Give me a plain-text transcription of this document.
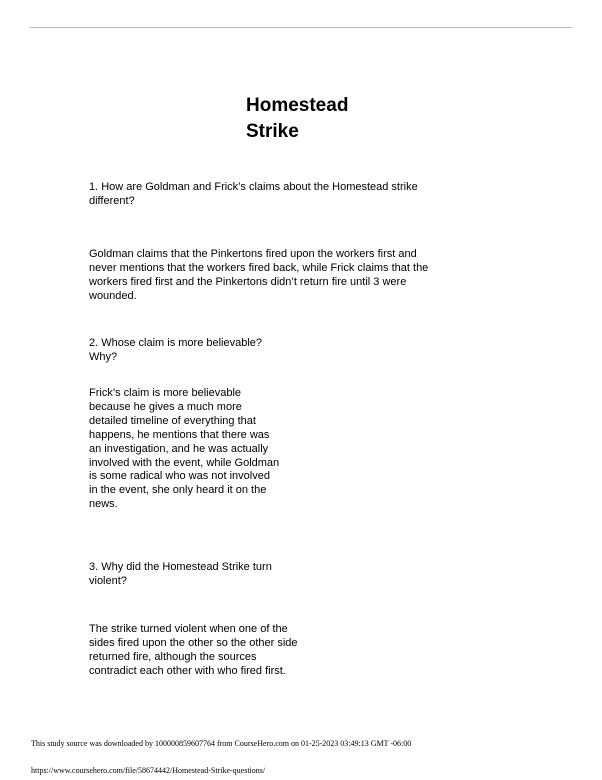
Homestead
Strike
1. How are Goldman and Frick’s claims about the Homestead strike
different?
Goldman claims that the Pinkertons fired upon the workers first and
never mentions that the workers fired back, while Frick claims that the
workers fired first and the Pinkertons didn’t return fire until 3 were
wounded.
2. Whose claim is more believable?
Why?
Frick’s claim is more believable
because he gives a much more
detailed timeline of everything that
happens, he mentions that there was
an investigation, and he was actually
involved with the event, while Goldman
is some radical who was not involved
in the event, she only heard it on the
news.
3. Why did the Homestead Strike turn
violent?
The strike turned violent when one of the
sides fired upon the other so the other side
returned fire, although the sources
contradict each other with who fired first.
This study source was downloaded by 100000859607764 from CourseHero.com on 01-25-2023 03:49:13 GMT -06:00
https://www.coursehero.com/file/58674442/Homestead-Strike-questions/
